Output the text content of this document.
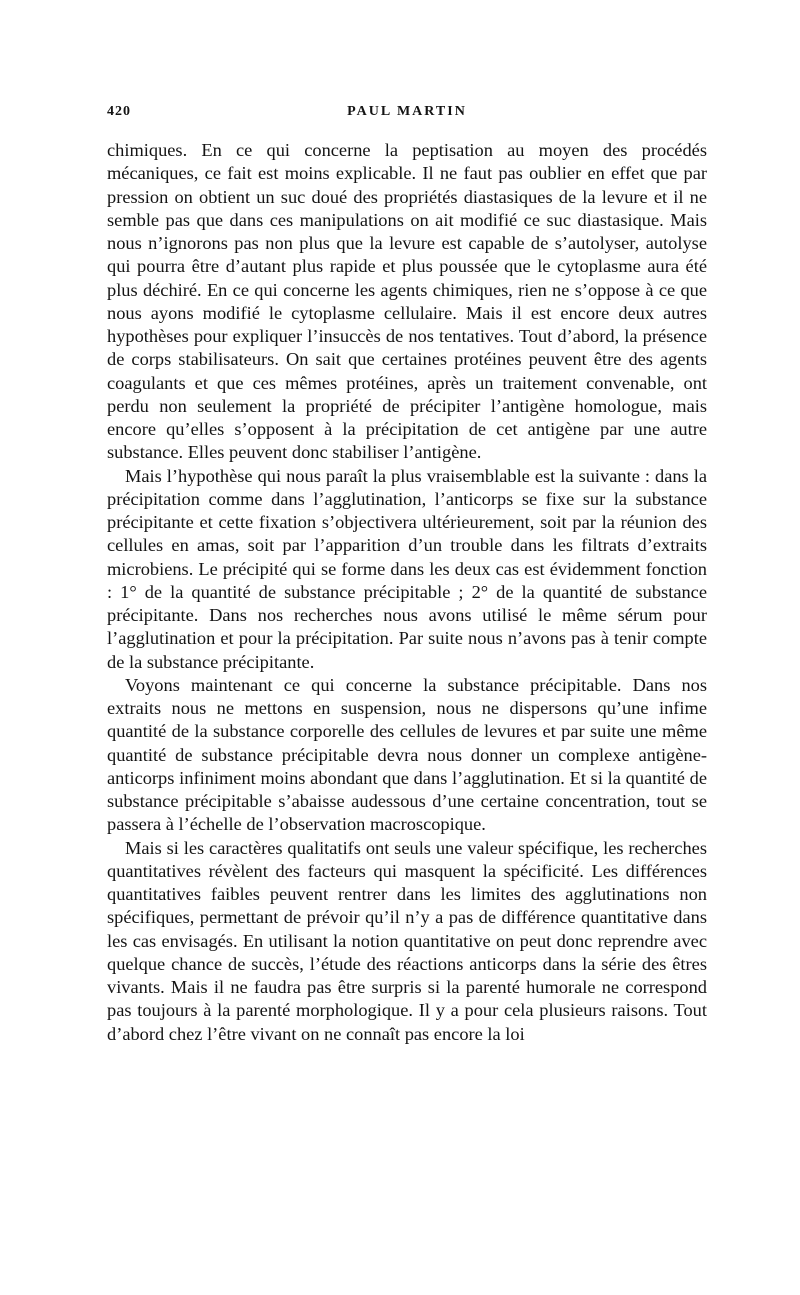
420	PAUL MARTIN

chimiques. En ce qui concerne la peptisation au moyen des procédés mécaniques, ce fait est moins explicable. Il ne faut pas oublier en effet que par pression on obtient un suc doué des propriétés diastasiques de la levure et il ne semble pas que dans ces manipulations on ait modifié ce suc diastasique. Mais nous n’ignorons pas non plus que la levure est capable de s’autolyser, autolyse qui pourra être d’autant plus rapide et plus poussée que le cytoplasme aura été plus déchiré. En ce qui concerne les agents chimiques, rien ne s’oppose à ce que nous ayons modifié le cytoplasme cellulaire. Mais il est encore deux autres hypothèses pour expliquer l’insuccès de nos tentatives. Tout d’abord, la présence de corps stabilisateurs. On sait que certaines protéines peuvent être des agents coagulants et que ces mêmes protéines, après un traitement convenable, ont perdu non seulement la propriété de précipiter l’antigène homologue, mais encore qu’elles s’opposent à la précipitation de cet antigène par une autre substance. Elles peuvent donc stabiliser l’antigène.

Mais l’hypothèse qui nous paraît la plus vraisemblable est la suivante : dans la précipitation comme dans l’agglutination, l’anticorps se fixe sur la substance précipitante et cette fixation s’objectivera ultérieurement, soit par la réunion des cellules en amas, soit par l’apparition d’un trouble dans les filtrats d’extraits microbiens. Le précipité qui se forme dans les deux cas est évidemment fonction : 1° de la quantité de substance précipitable ; 2° de la quantité de substance précipitante. Dans nos recherches nous avons utilisé le même sérum pour l’agglutination et pour la précipitation. Par suite nous n’avons pas à tenir compte de la substance précipitante.

Voyons maintenant ce qui concerne la substance précipitable. Dans nos extraits nous ne mettons en suspension, nous ne dispersons qu’une infime quantité de la substance corporelle des cellules de levures et par suite une même quantité de substance précipitable devra nous donner un complexe antigène-anticorps infiniment moins abondant que dans l’agglutination. Et si la quantité de substance précipitable s’abaisse audessous d’une certaine concentration, tout se passera à l’échelle de l’observation macroscopique.

Mais si les caractères qualitatifs ont seuls une valeur spécifique, les recherches quantitatives révèlent des facteurs qui masquent la spécificité. Les différences quantitatives faibles peuvent rentrer dans les limites des agglutinations non spécifiques, permettant de prévoir qu’il n’y a pas de différence quantitative dans les cas envisagés. En utilisant la notion quantitative on peut donc reprendre avec quelque chance de succès, l’étude des réactions anticorps dans la série des êtres vivants. Mais il ne faudra pas être surpris si la parenté humorale ne correspond pas toujours à la parenté morphologique. Il y a pour cela plusieurs raisons. Tout d’abord chez l’être vivant on ne connaît pas encore la loi
